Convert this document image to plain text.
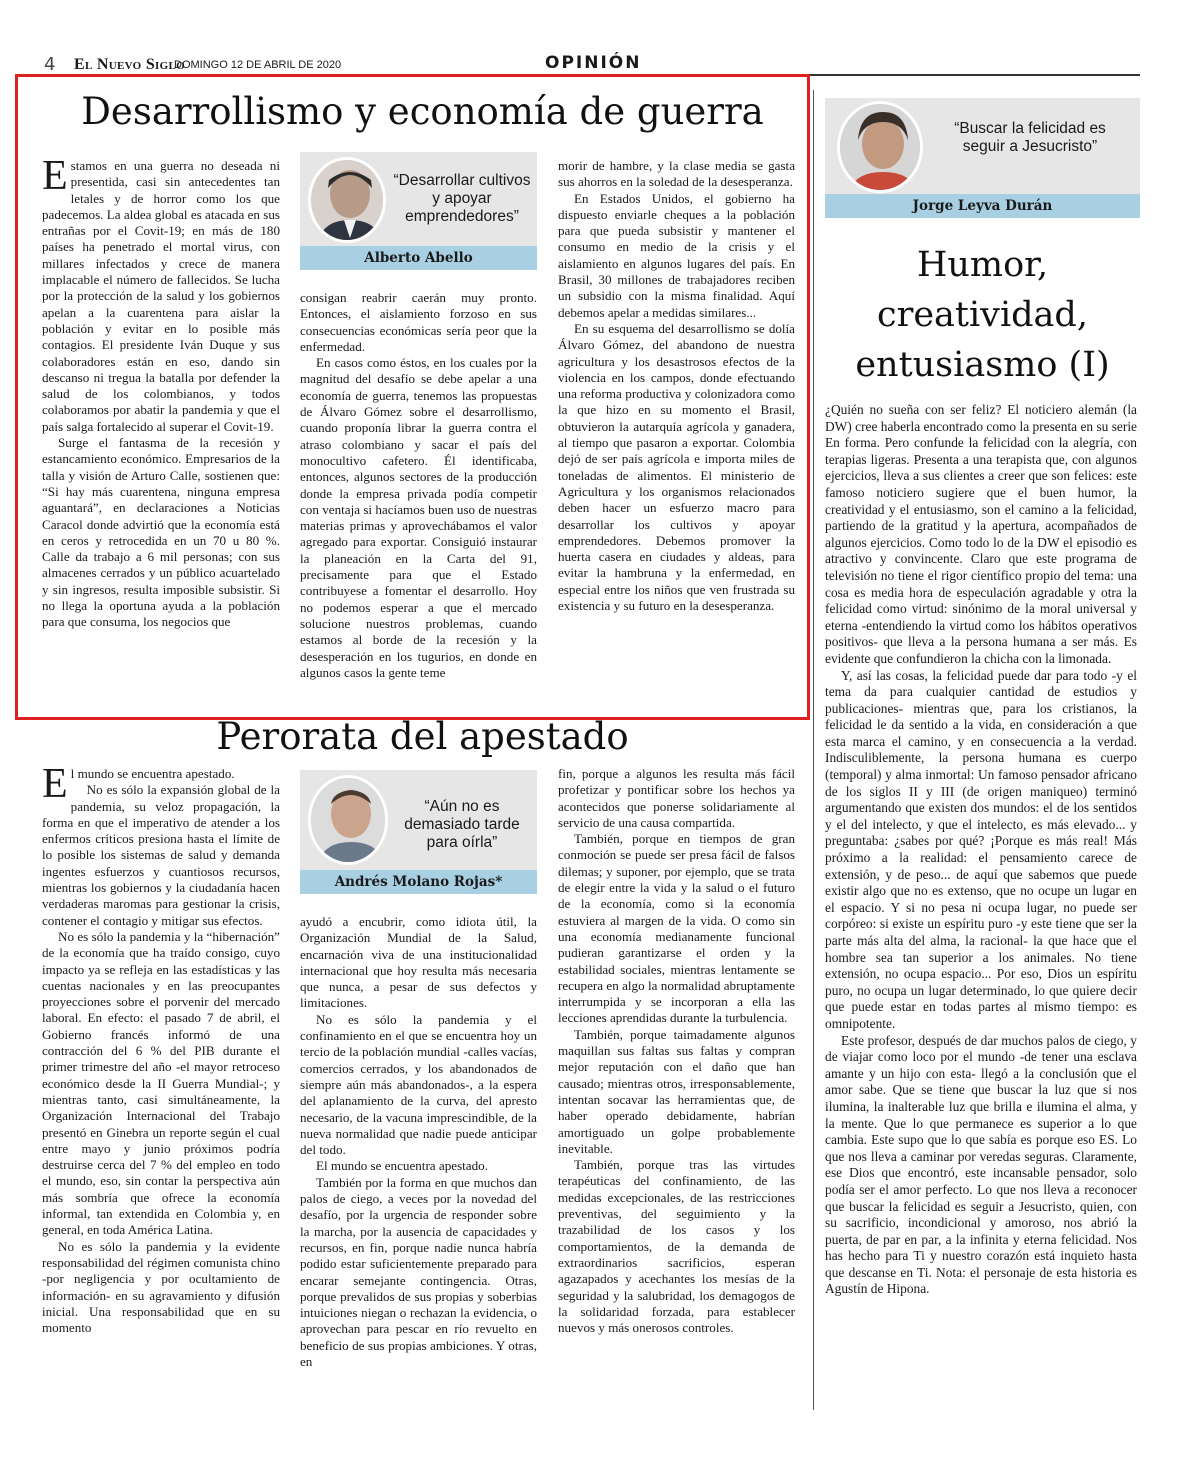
4 El Nuevo Siglo
DOMINGO 12 DE ABRIL DE 2020	OPINIÓN
Desarrollismo y economía de guerra

Estamos en una guerra no deseada ni presentida, casi sin antecedentes tan letales y de horror como los que padecemos. La aldea global es atacada en sus entrañas por el Covit-19; en más de 180 países ha penetrado el mortal virus, con millares infectados y crece de manera implacable el número de fallecidos. Se lucha por la protección de la salud y los gobiernos apelan a la cuarentena para aislar la población y evitar en lo posible más contagios. El presidente Iván Duque y sus colaboradores están en eso, dando sin descanso ni tregua la batalla por defender la salud de los colombianos, y todos colaboramos por abatir la pandemia y que el país salga fortalecido al superar el Covit-19.

Surge el fantasma de la recesión y estancamiento económico. Empresarios de la talla y visión de Arturo Calle, sostienen que: “Si hay más cuarentena, ninguna empresa aguantará”, en declaraciones a Noticias Caracol donde advirtió que la economía está en ceros y retrocedida en un 70 u 80 %. Calle da trabajo a 6 mil personas; con sus almacenes cerrados y un público acuartelado y sin ingresos, resulta imposible subsistir. Si no llega la oportuna ayuda a la población para que consuma, los negocios que

“Desarrollar cultivos y apoyar emprendedores”
Alberto Abello

consigan reabrir caerán muy pronto. Entonces, el aislamiento forzoso en sus consecuencias económicas sería peor que la enfermedad.

En casos como éstos, en los cuales por la magnitud del desafío se debe apelar a una economía de guerra, tenemos las propuestas de Álvaro Gómez sobre el desarrollismo, cuando proponía librar la guerra contra el atraso colombiano y sacar el país del monocultivo cafetero. Él identificaba, entonces, algunos sectores de la producción donde la empresa privada podía competir con ventaja si hacíamos buen uso de nuestras materias primas y aprovechábamos el valor agregado para exportar. Consiguió instaurar la planeación en la Carta del 91, precisamente para que el Estado contribuyese a fomentar el desarrollo. Hoy no podemos esperar a que el mercado solucione nuestros problemas, cuando estamos al borde de la recesión y la desesperación en los tugurios, en donde en algunos casos la gente teme

morir de hambre, y la clase media se gasta sus ahorros en la soledad de la desesperanza.

En Estados Unidos, el gobierno ha dispuesto enviarle cheques a la población para que pueda subsistir y mantener el consumo en medio de la crisis y el aislamiento en algunos lugares del país. En Brasil, 30 millones de trabajadores reciben un subsidio con la misma finalidad. Aquí debemos apelar a medidas similares...

En su esquema del desarrollismo se dolía Álvaro Gómez, del abandono de nuestra agricultura y los desastrosos efectos de la violencia en los campos, donde efectuando una reforma productiva y colonizadora como la que hizo en su momento el Brasil, obtuvieron la autarquía agrícola y ganadera, al tiempo que pasaron a exportar. Colombia dejó de ser país agrícola e importa miles de toneladas de alimentos. El ministerio de Agricultura y los organismos relacionados deben hacer un esfuerzo macro para desarrollar los cultivos y apoyar emprendedores. Debemos promover la huerta casera en ciudades y aldeas, para evitar la hambruna y la enfermedad, en especial entre los niños que ven frustrada su existencia y su futuro en la desesperanza.

Perorata del apestado

El mundo se encuentra apestado.

No es sólo la expansión global de la pandemia, su veloz propagación, la forma en que el imperativo de atender a los enfermos críticos presiona hasta el límite de lo posible los sistemas de salud y demanda ingentes esfuerzos y cuantiosos recursos, mientras los gobiernos y la ciudadanía hacen verdaderas maromas para gestionar la crisis, contener el contagio y mitigar sus efectos.

No es sólo la pandemia y la “hibernación” de la economía que ha traído consigo, cuyo impacto ya se refleja en las estadísticas y las cuentas nacionales y en las preocupantes proyecciones sobre el porvenir del mercado laboral. En efecto: el pasado 7 de abril, el Gobierno francés informó de una contracción del 6 % del PIB durante el primer trimestre del año -el mayor retroceso económico desde la II Guerra Mundial-; y mientras tanto, casi simultáneamente, la Organización Internacional del Trabajo presentó en Ginebra un reporte según el cual entre mayo y junio próximos podría destruirse cerca del 7 % del empleo en todo el mundo, eso, sin contar la perspectiva aún más sombría que ofrece la economía informal, tan extendida en Colombia y, en general, en toda América Latina.

No es sólo la pandemia y la evidente responsabilidad del régimen comunista chino -por negligencia y por ocultamiento de información- en su agravamiento y difusión inicial. Una responsabilidad que en su momento

“Aún no es demasiado tarde para oírla”
Andrés Molano Rojas*

ayudó a encubrir, como idiota útil, la Organización Mundial de la Salud, encarnación viva de una institucionalidad internacional que hoy resulta más necesaria que nunca, a pesar de sus defectos y limitaciones.

No es sólo la pandemia y el confinamiento en el que se encuentra hoy un tercio de la población mundial -calles vacías, comercios cerrados, y los abandonados de siempre aún más abandonados-, a la espera del aplanamiento de la curva, del apresto necesario, de la vacuna imprescindible, de la nueva normalidad que nadie puede anticipar del todo.

El mundo se encuentra apestado.

También por la forma en que muchos dan palos de ciego, a veces por la novedad del desafío, por la urgencia de responder sobre la marcha, por la ausencia de capacidades y recursos, en fin, porque nadie nunca habría podido estar suficientemente preparado para encarar semejante contingencia. Otras, porque prevalidos de sus propias y soberbias intuiciones niegan o rechazan la evidencia, o aprovechan para pescar en río revuelto en beneficio de sus propias ambiciones. Y otras, en

fin, porque a algunos les resulta más fácil profetizar y pontificar sobre los hechos ya acontecidos que ponerse solidariamente al servicio de una causa compartida.

También, porque en tiempos de gran conmoción se puede ser presa fácil de falsos dilemas; y suponer, por ejemplo, que se trata de elegir entre la vida y la salud o el futuro de la economía, como si la economía estuviera al margen de la vida. O como sin una economía medianamente funcional pudieran garantizarse el orden y la estabilidad sociales, mientras lentamente se recupera en algo la normalidad abruptamente interrumpida y se incorporan a ella las lecciones aprendidas durante la turbulencia.

También, porque taimadamente algunos maquillan sus faltas sus faltas y compran mejor reputación con el daño que han causado; mientras otros, irresponsablemente, intentan socavar las herramientas que, de haber operado debidamente, habrían amortiguado un golpe probablemente inevitable.

También, porque tras las virtudes terapéuticas del confinamiento, de las medidas excepcionales, de las restricciones preventivas, del seguimiento y la trazabilidad de los casos y los comportamientos, de la demanda de extraordinarios sacrificios, esperan agazapados y acechantes los mesías de la seguridad y la salubridad, los demagogos de la solidaridad forzada, para establecer nuevos y más onerosos controles.

“Buscar la felicidad es seguir a Jesucristo”
Jorge Leyva Durán
Humor, creatividad, entusiasmo (I)

¿Quién no sueña con ser feliz? El noticiero alemán (la DW) cree haberla encontrado como la presenta en su serie En forma. Pero confunde la felicidad con la alegría, con terapias ligeras. Presenta a una terapista que, con algunos ejercicios, lleva a sus clientes a creer que son felices: este famoso noticiero sugiere que el buen humor, la creatividad y el entusiasmo, son el camino a la felicidad, partiendo de la gratitud y la apertura, acompañados de algunos ejercicios. Como todo lo de la DW el episodio es atractivo y convincente. Claro que este programa de televisión no tiene el rigor científico propio del tema: una cosa es media hora de especulación agradable y otra la felicidad como virtud: sinónimo de la moral universal y eterna -entendiendo la virtud como los hábitos operativos positivos- que lleva a la persona humana a ser más. Es evidente que confundieron la chicha con la limonada.

Y, así las cosas, la felicidad puede dar para todo -y el tema da para cualquier cantidad de estudios y publicaciones- mientras que, para los cristianos, la felicidad le da sentido a la vida, en consideración a que esta marca el camino, y en consecuencia a la verdad. Indisculiblemente, la persona humana es cuerpo (temporal) y alma inmortal: Un famoso pensador africano de los siglos II y III (de origen maniqueo) terminó argumentando que existen dos mundos: el de los sentidos y el del intelecto, y que el intelecto, es más elevado... y preguntaba: ¿sabes por qué? ¡Porque es más real! Más próximo a la realidad: el pensamiento carece de extensión, y de peso... de aquí que sabemos que puede existir algo que no es extenso, que no ocupe un lugar en el espacio. Y si no pesa ni ocupa lugar, no puede ser corpóreo: si existe un espíritu puro -y este tiene que ser la parte más alta del alma, la racional- la que hace que el hombre sea tan superior a los animales. No tiene extensión, no ocupa espacio... Por eso, Dios un espíritu puro, no ocupa un lugar determinado, lo que quiere decir que puede estar en todas partes al mismo tiempo: es omnipotente.

Este profesor, después de dar muchos palos de ciego, y de viajar como loco por el mundo -de tener una esclava amante y un hijo con esta- llegó a la conclusión que el amor sabe. Que se tiene que buscar la luz que si nos ilumina, la inalterable luz que brilla e ilumina el alma, y la mente. Que lo que permanece es superior a lo que cambia. Este supo que lo que sabía es porque eso ES. Lo que nos lleva a caminar por veredas seguras. Claramente, ese Dios que encontró, este incansable pensador, solo podía ser el amor perfecto. Lo que nos lleva a reconocer que buscar la felicidad es seguir a Jesucristo, quien, con su sacrificio, incondicional y amoroso, nos abrió la puerta, de par en par, a la infinita y eterna felicidad. Nos has hecho para Ti y nuestro corazón está inquieto hasta que descanse en Ti. Nota: el personaje de esta historia es Agustín de Hipona.
